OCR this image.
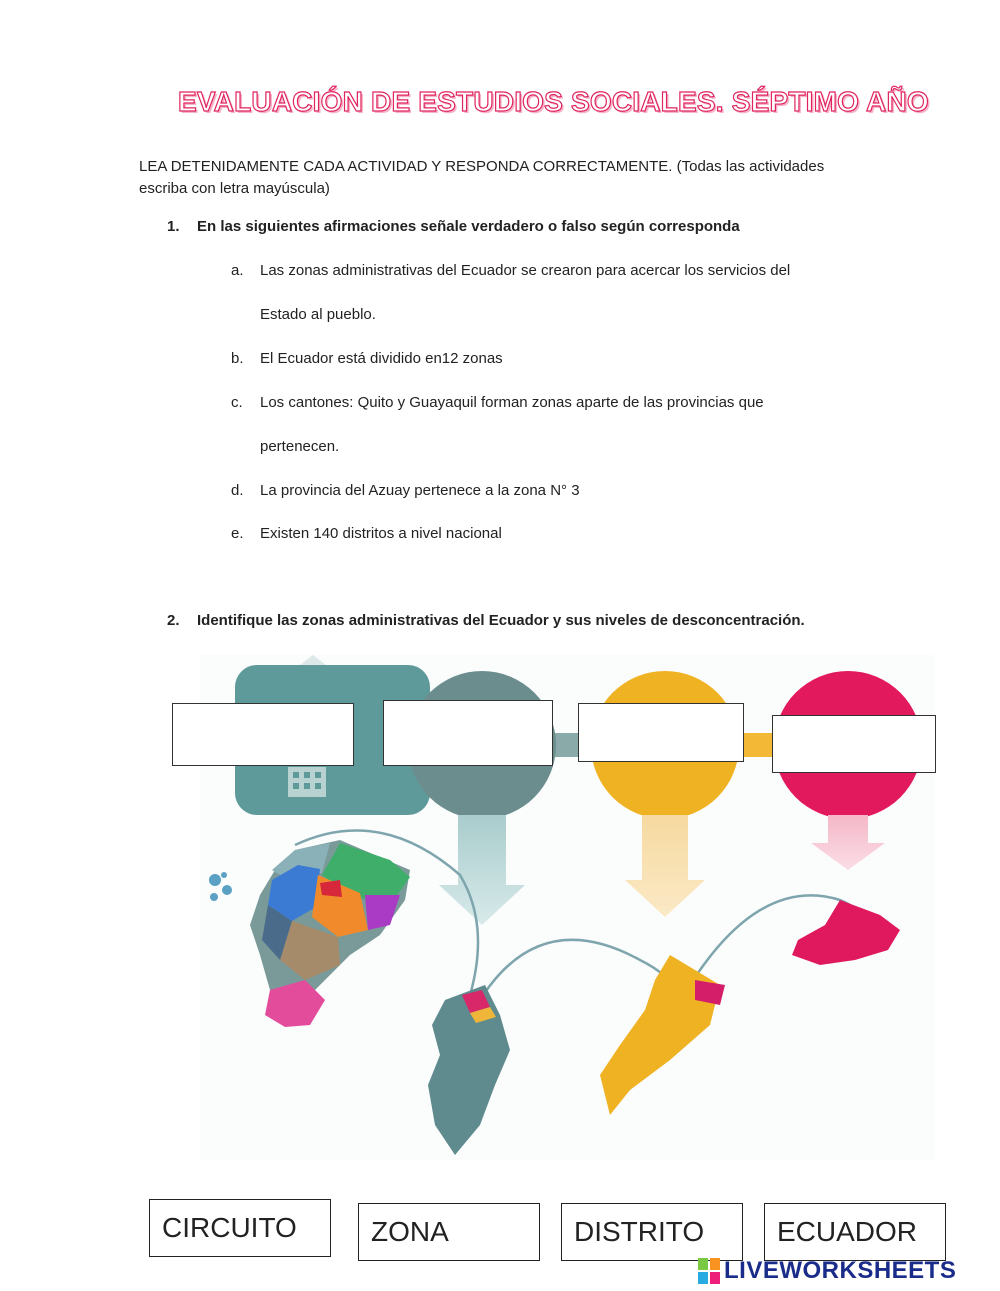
EVALUACIÓN DE ESTUDIOS SOCIALES. SÉPTIMO AÑO
LEA DETENIDAMENTE CADA ACTIVIDAD Y RESPONDA CORRECTAMENTE. (Todas las actividades
escriba con letra mayúscula)
1. En las siguientes afirmaciones señale verdadero o falso según corresponda
a. Las zonas administrativas del Ecuador se crearon para acercar los servicios del
Estado al pueblo.
b. El Ecuador está dividido en12 zonas
c. Los cantones: Quito y Guayaquil forman zonas aparte de las provincias que
pertenecen.
d. La provincia del Azuay pertenece a la zona N° 3
e. Existen 140 distritos a nivel nacional
2. Identifique las zonas administrativas del Ecuador y sus niveles de desconcentración.
CIRCUITO	ZONA	DISTRITO	ECUADOR
LIVEWORKSHEETS
